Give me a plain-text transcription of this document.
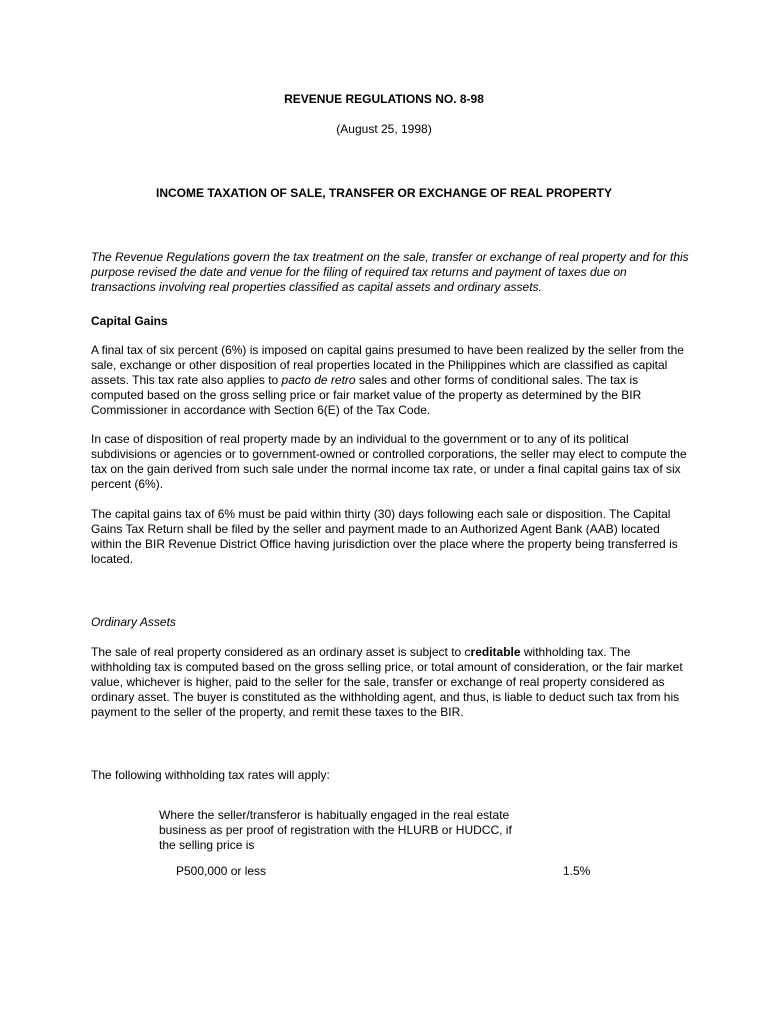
REVENUE REGULATIONS NO. 8-98
(August 25, 1998)
INCOME TAXATION OF SALE, TRANSFER OR EXCHANGE OF REAL PROPERTY

The Revenue Regulations govern the tax treatment on the sale, transfer or exchange of real property and for this purpose revised the date and venue for the filing of required tax returns and payment of taxes due on transactions involving real properties classified as capital assets and ordinary assets.

Capital Gains

A final tax of six percent (6%) is imposed on capital gains presumed to have been realized by the seller from the sale, exchange or other disposition of real properties located in the Philippines which are classified as capital assets. This tax rate also applies to pacto de retro sales and other forms of conditional sales. The tax is computed based on the gross selling price or fair market value of the property as determined by the BIR Commissioner in accordance with Section 6(E) of the Tax Code.

In case of disposition of real property made by an individual to the government or to any of its political subdivisions or agencies or to government-owned or controlled corporations, the seller may elect to compute the tax on the gain derived from such sale under the normal income tax rate, or under a final capital gains tax of six percent (6%).

The capital gains tax of 6% must be paid within thirty (30) days following each sale or disposition. The Capital Gains Tax Return shall be filed by the seller and payment made to an Authorized Agent Bank (AAB) located within the BIR Revenue District Office having jurisdiction over the place where the property being transferred is located.

Ordinary Assets

The sale of real property considered as an ordinary asset is subject to creditable withholding tax. The withholding tax is computed based on the gross selling price, or total amount of consideration, or the fair market value, whichever is higher, paid to the seller for the sale, transfer or exchange of real property considered as ordinary asset. The buyer is constituted as the withholding agent, and thus, is liable to deduct such tax from his payment to the seller of the property, and remit these taxes to the BIR.

The following withholding tax rates will apply:

Where the seller/transferor is habitually engaged in the real estate business as per proof of registration with the HLURB or HUDCC, if the selling price is

P500,000 or less	1.5%
